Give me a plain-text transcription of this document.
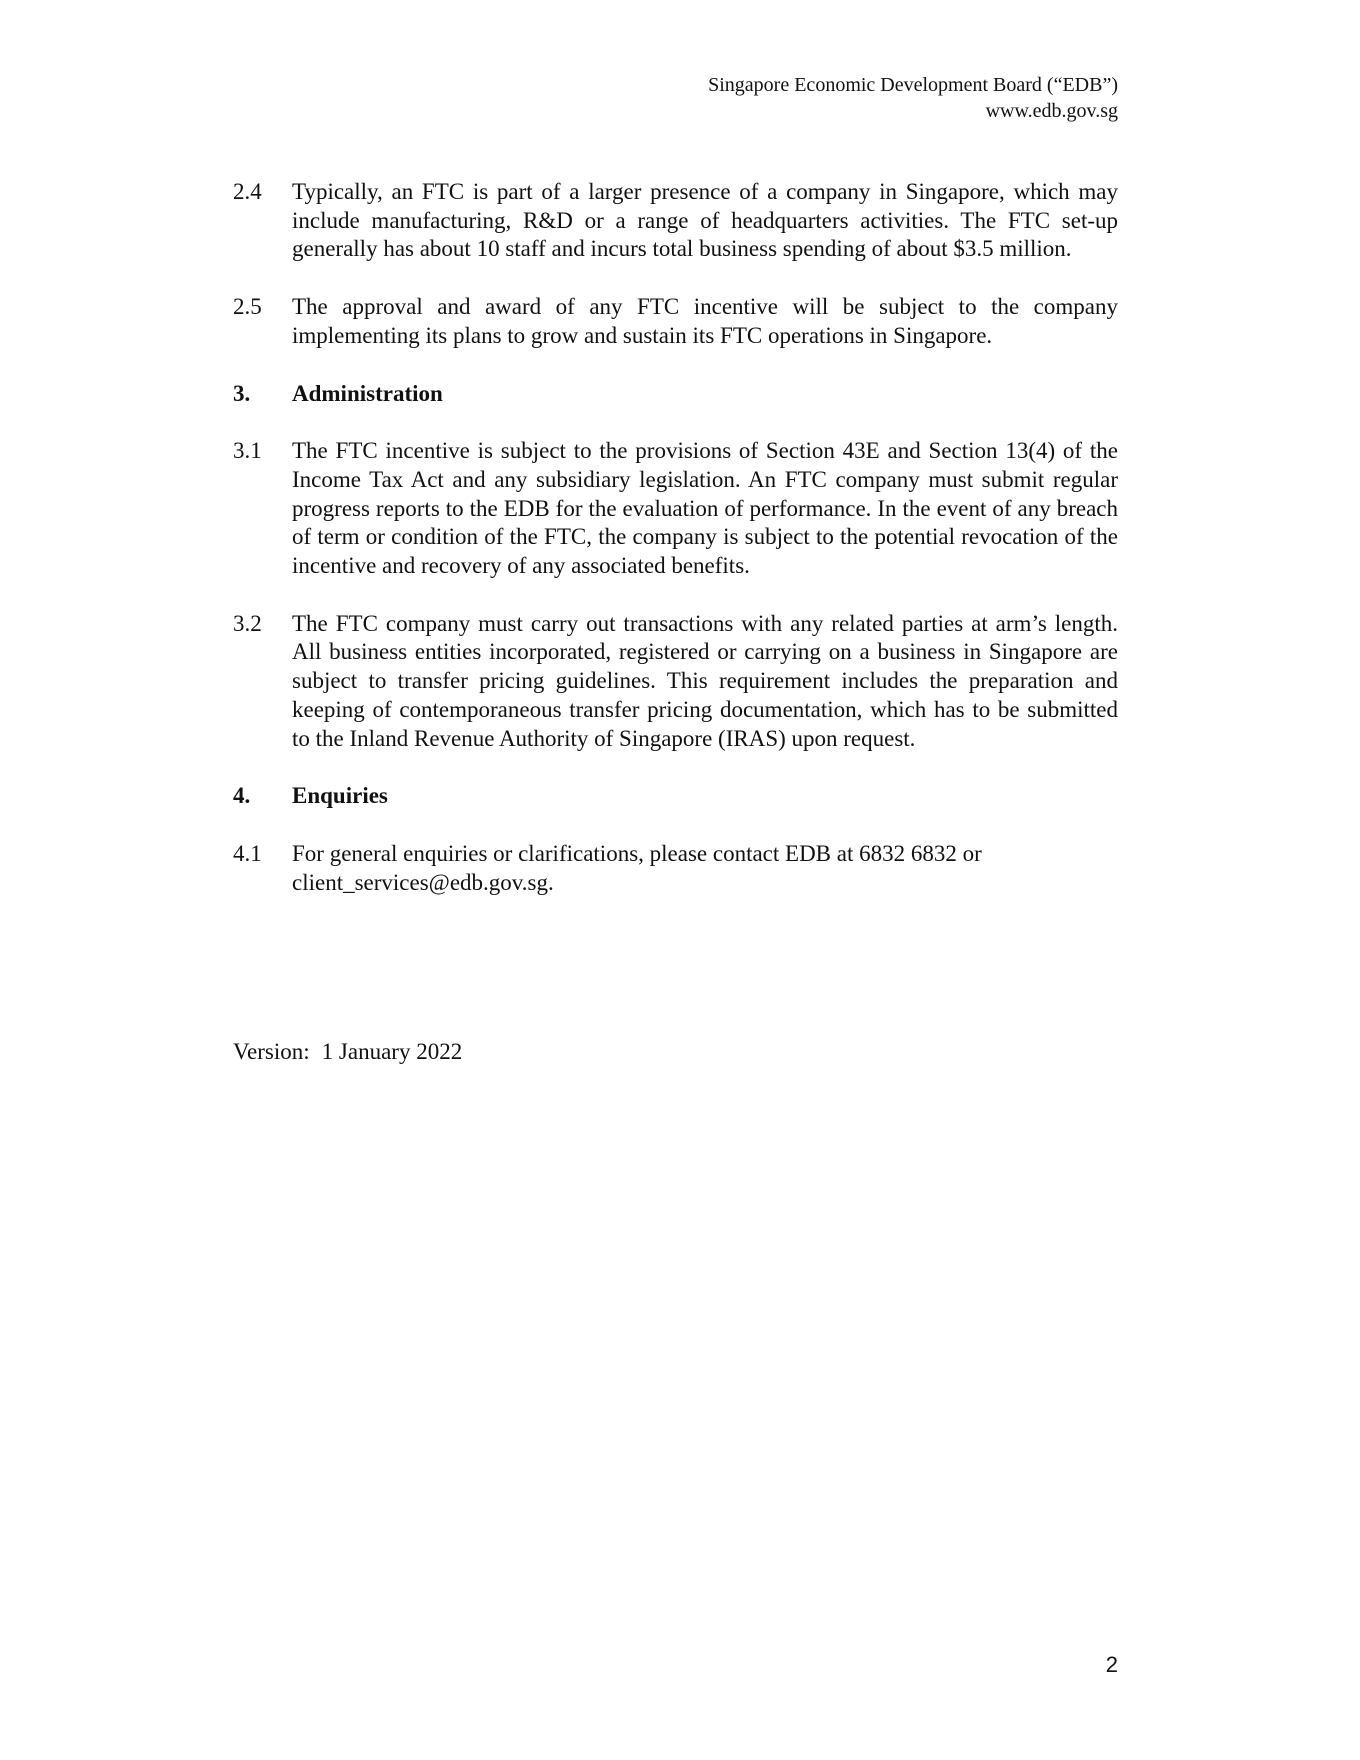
Singapore Economic Development Board (“EDB”)
www.edb.gov.sg
2.4	Typically, an FTC is part of a larger presence of a company in Singapore, which may include manufacturing, R&D or a range of headquarters activities. The FTC set-up generally has about 10 staff and incurs total business spending of about $3.5 million.
2.5	The approval and award of any FTC incentive will be subject to the company implementing its plans to grow and sustain its FTC operations in Singapore.
3.	Administration
3.1	The FTC incentive is subject to the provisions of Section 43E and Section 13(4) of the Income Tax Act and any subsidiary legislation. An FTC company must submit regular progress reports to the EDB for the evaluation of performance. In the event of any breach of term or condition of the FTC, the company is subject to the potential revocation of the incentive and recovery of any associated benefits.
3.2	The FTC company must carry out transactions with any related parties at arm’s length. All business entities incorporated, registered or carrying on a business in Singapore are subject to transfer pricing guidelines. This requirement includes the preparation and keeping of contemporaneous transfer pricing documentation, which has to be submitted to the Inland Revenue Authority of Singapore (IRAS) upon request.
4.	Enquiries
4.1	For general enquiries or clarifications, please contact EDB at 6832 6832 or client_services@edb.gov.sg.
Version: 1 January 2022
2
